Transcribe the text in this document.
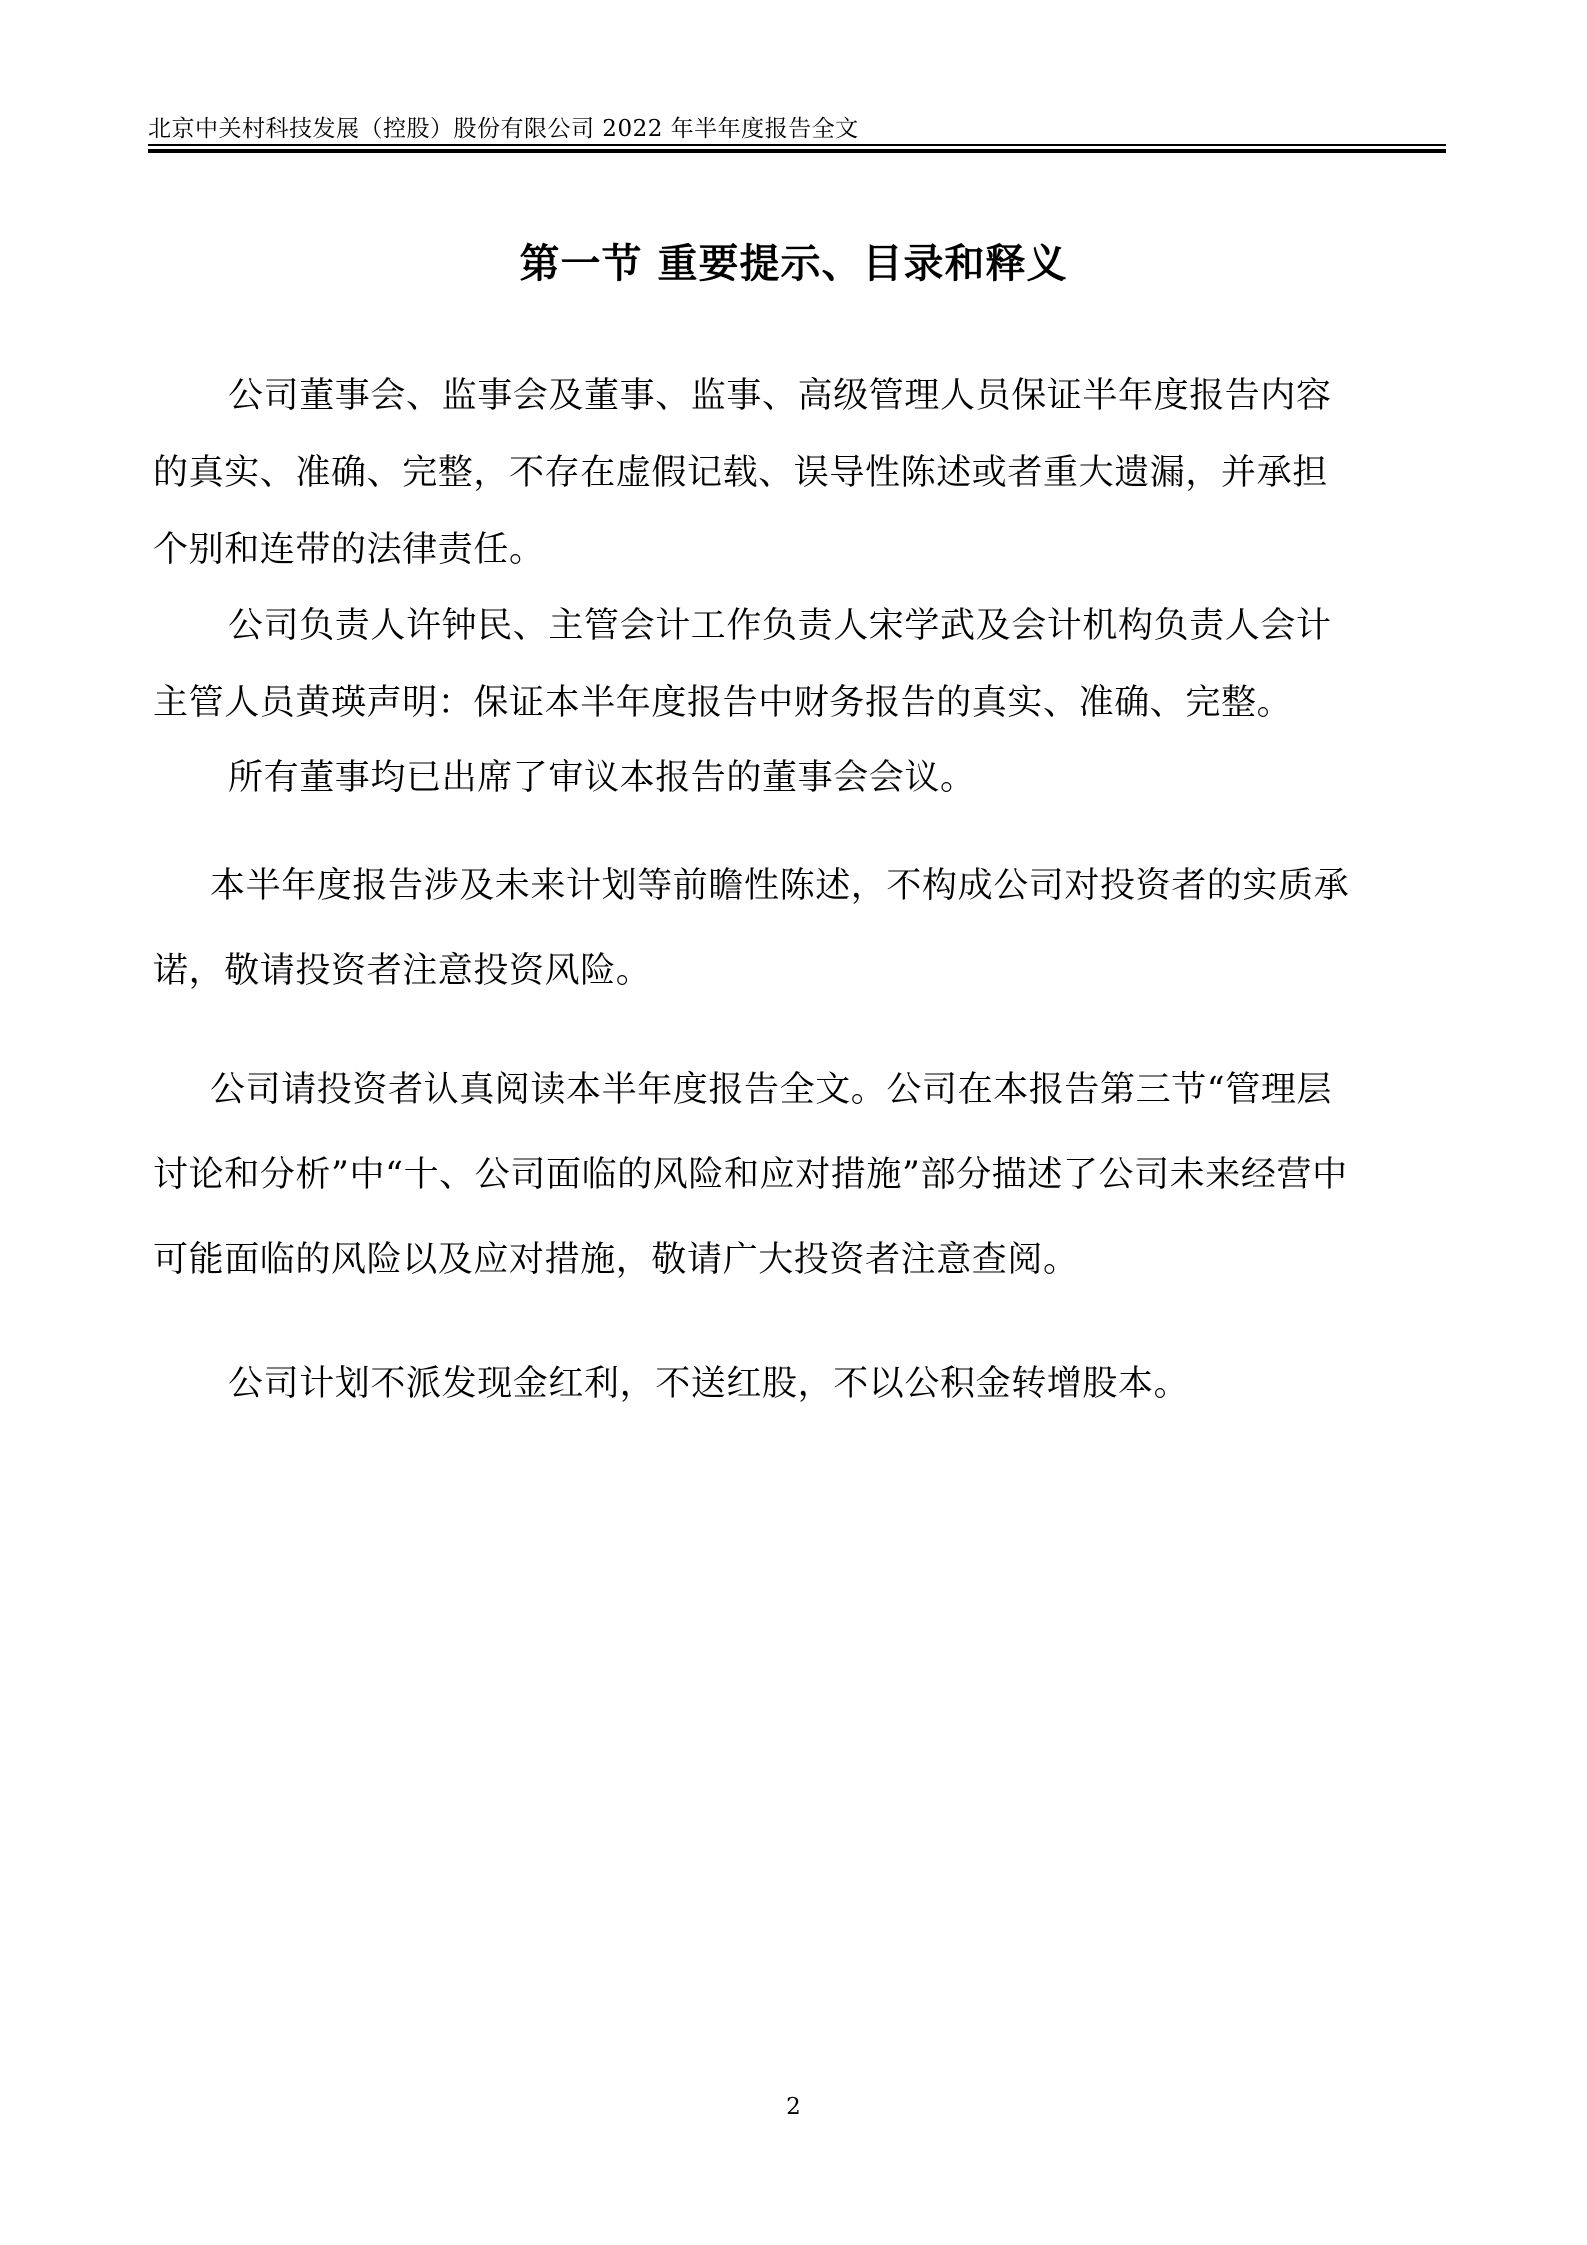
北京中关村科技发展（控股）股份有限公司 2022 年半年度报告全文
第一节 重要提示、目录和释义
公司董事会、监事会及董事、监事、高级管理人员保证半年度报告内容
的真实、准确、完整，不存在虚假记载、误导性陈述或者重大遗漏，并承担
个别和连带的法律责任。
公司负责人许钟民、主管会计工作负责人宋学武及会计机构负责人会计
主管人员黄瑛声明：保证本半年度报告中财务报告的真实、准确、完整。
所有董事均已出席了审议本报告的董事会会议。
本半年度报告涉及未来计划等前瞻性陈述，不构成公司对投资者的实质承
诺，敬请投资者注意投资风险。
公司请投资者认真阅读本半年度报告全文。公司在本报告第三节“管理层
讨论和分析”中“十、公司面临的风险和应对措施”部分描述了公司未来经营中
可能面临的风险以及应对措施，敬请广大投资者注意查阅。
公司计划不派发现金红利，不送红股，不以公积金转增股本。
2
